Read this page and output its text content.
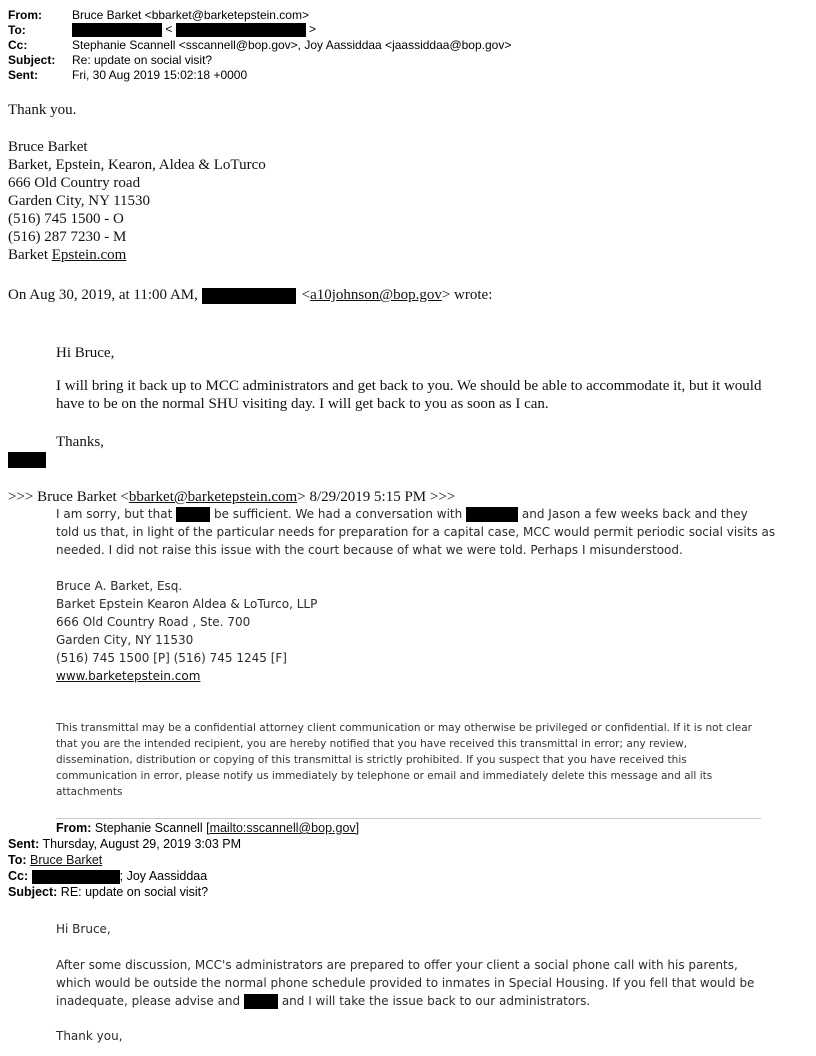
From:	Bruce Barket <bbarket@barketepstein.com>
To:	<	>
Cc:	Stephanie Scannell <sscannell@bop.gov>, Joy Aassiddaa <jaassiddaa@bop.gov>
Subject: Re: update on social visit?
Sent:	Fri, 30 Aug 2019 15:02:18 +0000
Thank you.
Bruce Barket
Barket, Epstein, Kearon, Aldea & LoTurco
666 Old Country road
Garden City, NY 11530
(516) 745 1500 - O
(516) 287 7230 - M
Barket Epstein.com
On Aug 30, 2019, at 11:00 AM,	<a10johnson@bop.gov> wrote:
Hi Bruce,
I will bring it back up to MCC administrators and get back to you. We should be able to accommodate it, but it would have to be on the normal SHU visiting day. I will get back to you as soon as I can.
Thanks,
>>> Bruce Barket <bbarket@barketepstein.com> 8/29/2019 5:15 PM >>>
I am sorry, but that	be sufficient. We had a conversation with	and Jason a few weeks back and they
told us that, in light of the particular needs for preparation for a capital case, MCC would permit periodic social visits as needed. I did not raise this issue with the court because of what we were told. Perhaps I misunderstood.
Bruce A. Barket, Esq.
Barket Epstein Kearon Aldea & LoTurco, LLP
666 Old Country Road , Ste. 700
Garden City, NY 11530
(516) 745 1500 [P] (516) 745 1245 [F]
www.barketepstein.com
This transmittal may be a confidential attorney client communication or may otherwise be privileged or confidential. If it is not clear that you are the intended recipient, you are hereby notified that you have received this transmittal in error; any review, dissemination, distribution or copying of this transmittal is strictly prohibited. If you suspect that you have received this communication in error, please notify us immediately by telephone or email and immediately delete this message and all its attachments
From: Stephanie Scannell [mailto:sscannell@bop.gov]
Sent: Thursday, August 29, 2019 3:03 PM
To: Bruce Barket
Cc:	; Joy Aassiddaa
Subject: RE: update on social visit?
Hi Bruce,
After some discussion, MCC's administrators are prepared to offer your client a social phone call with his parents, which would be outside the normal phone schedule provided to inmates in Special Housing. If you fell that would be inadequate, please advise and	and I will take the issue back to our administrators.
Thank you,
